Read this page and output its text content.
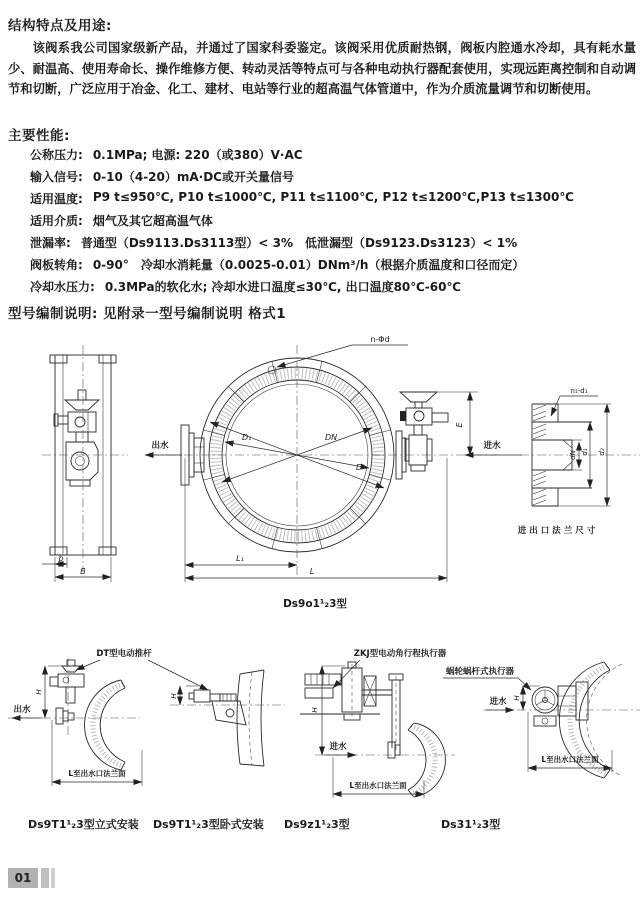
结构特点及用途:
该阀系我公司国家级新产品，并通过了国家科委鉴定。该阀采用优质耐热钢，阀板内腔通水冷却，具有耗水量少、耐温高、使用寿命长、操作维修方便、转动灵活等特点可与各种电动执行器配套使用，实现远距离控制和自动调节和切断，广泛应用于冶金、化工、建材、电站等行业的超高温气体管道中，作为介质流量调节和切断使用。
主要性能:
公称压力: 0.1MPa; 电源: 220（或380）V·AC
输入信号: 0-10（4-20）mA·DC或开关量信号
适用温度: P9 t≤950℃, P10 t≤1000℃, P11 t≤1100℃, P12 t≤1200℃,P13 t≤1300℃
适用介质: 烟气及其它超高温气体
泄漏率: 普通型（Ds9113.Ds3113型）< 3%　低泄漏型（Ds9123.Ds3123）< 1%
阀板转角: 0-90°　冷却水消耗量（0.0025-0.01）DNm³/h（根据介质温度和口径而定）
冷却水压力: 0.3MPa的软化水; 冷却水进口温度≤30℃, 出口温度80℃-60℃
型号编制说明: 见附录一型号编制说明 格式1
b
B
n-Φd
D
DN
D₁
出水
E
进水
L₁
L
n₁-d₁
dN d₁ d₂
进出口法兰尺寸
Ds9o1¹₂3型
DT型电动推杆
出水
H
L至出水口法兰面
H
ZKJ型电动角行程执行器
进水
H
L至出水口法兰面
蜗轮蜗杆式执行器
进水 H
L至出水口法兰面
Ds9T1¹₂3型立式安装 Ds9T1¹₂3型卧式安装 Ds9z1¹₂3型	Ds31¹₂3型
01
